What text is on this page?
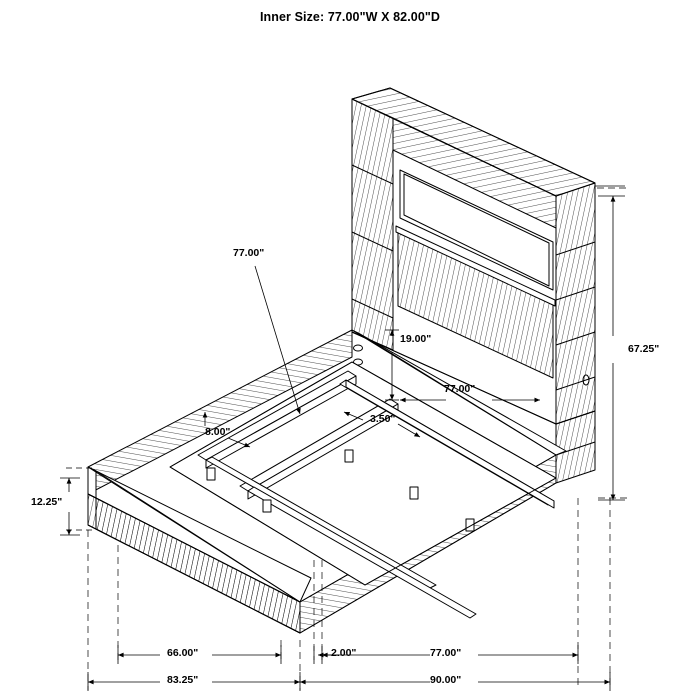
Inner Size: 77.00"W X 82.00"D
67.25"
12.25"
77.00"
19.00"
77.00"
8.00"
3.50"
66.00"
83.25"
2.00"	77.00"
90.00"
